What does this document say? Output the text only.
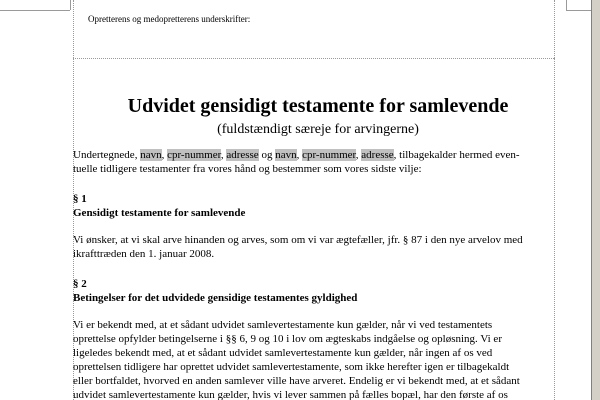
Opretterens og medopretterens underskrifter:
Udvidet gensidigt testamente for samlevende
(fuldstændigt særeje for arvingerne)

Undertegnede, navn, cpr-nummer, adresse og navn, cpr-nummer, adresse, tilbagekalder hermed even-

tuelle tidligere testamenter fra vores hånd og bestemmer som vores sidste vilje:

§ 1

Gensidigt testamente for samlevende

Vi ønsker, at vi skal arve hinanden og arves, som om vi var ægtefæller, jfr. § 87 i den nye arvelov med

ikrafttræden den 1. januar 2008.

§ 2

Betingelser for det udvidede gensidige testamentes gyldighed

Vi er bekendt med, at et sådant udvidet samlevertestamente kun gælder, når vi ved testamentets

oprettelse opfylder betingelserne i §§ 6, 9 og 10 i lov om ægteskabs indgåelse og opløsning. Vi er

ligeledes bekendt med, at et sådant udvidet samlevertestamente kun gælder, når ingen af os ved

oprettelsen tidligere har oprettet udvidet samlevertestamente, som ikke herefter igen er tilbagekaldt

eller bortfaldet, hvorved en anden samlever ville have arveret. Endelig er vi bekendt med, at et sådant

udvidet samlevertestamente kun gælder, hvis vi lever sammen på fælles bopæl, har den første af os
